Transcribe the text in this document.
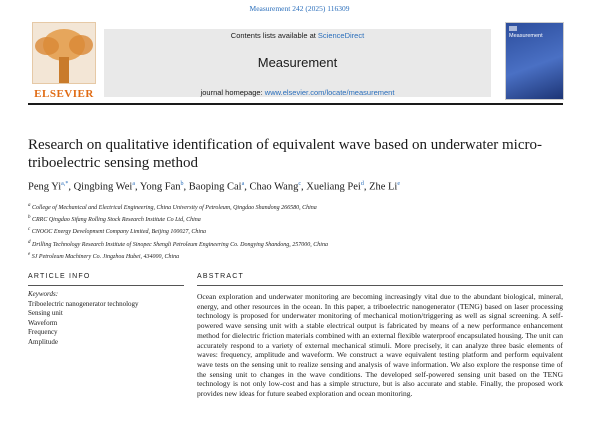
Measurement 242 (2025) 116309
ELSEVIER
Contents lists available at ScienceDirect
Measurement
journal homepage: www.elsevier.com/locate/measurement
Measurement
Research on qualitative identification of equivalent wave based on underwater micro-triboelectric sensing method
Peng $Yi^{a,*}$, Qingbing Wei$^a$, Yong Fan$^b$, Baoping Cai$^a$, Chao Wang$^c$, Xueliang Pei$^d$, Zhe Li$^e$
$^a$ College of Mechanical and Electrical Engineering, China University of Petroleum, Qingdao Shandong 266580, China
$^b$ CRRC Qingdao Sifang Rolling Stock Research Institute Co Ltd, China
$^c$ CNOOC Energy Development Company Limited, Beijing 100027, China
$^d$ Drilling Technology Research Institute of Sinopec Shengli Petroleum Engineering Co. Dongying Shandong, 257000, China
$^e$ SJ Petroleum Machinery Co. Jingzhou Hubei, 434000, China
ARTICLE INFO	ABSTRACT
Keywords:
Triboelectric nanogenerator technology
Sensing unit
Waveform
Frequency
Amplitude
Ocean exploration and underwater monitoring are becoming increasingly vital due to the abundant biological, mineral, energy, and other resources in the ocean. In this paper, a triboelectric nanogenerator (TENG) based on laser processing technology is proposed for underwater monitoring of mechanical motion/triggering as well as signal screening. A self-powered wave sensing unit with a stable electrical output is fabricated by means of a new performance enhancement method for dielectric friction materials combined with an external flexible waterproof encapsulated housing. The unit can accurately respond to a variety of external mechanical stimuli. More precisely, it can analyze three basic elements of waves: frequency, amplitude and waveform. We construct a wave equivalent testing platform and perform equivalent wave tests on the sensing unit to realize sensing and analysis of wave information. We also explore the response time of the sensing unit to changes in the wave conditions. The developed self-powered sensing unit based on the TENG technology is not only low-cost and has a simple structure, but is also accurate and stable. Finally, the proposed work provides new ideas for future seabed exploration and ocean monitoring.
